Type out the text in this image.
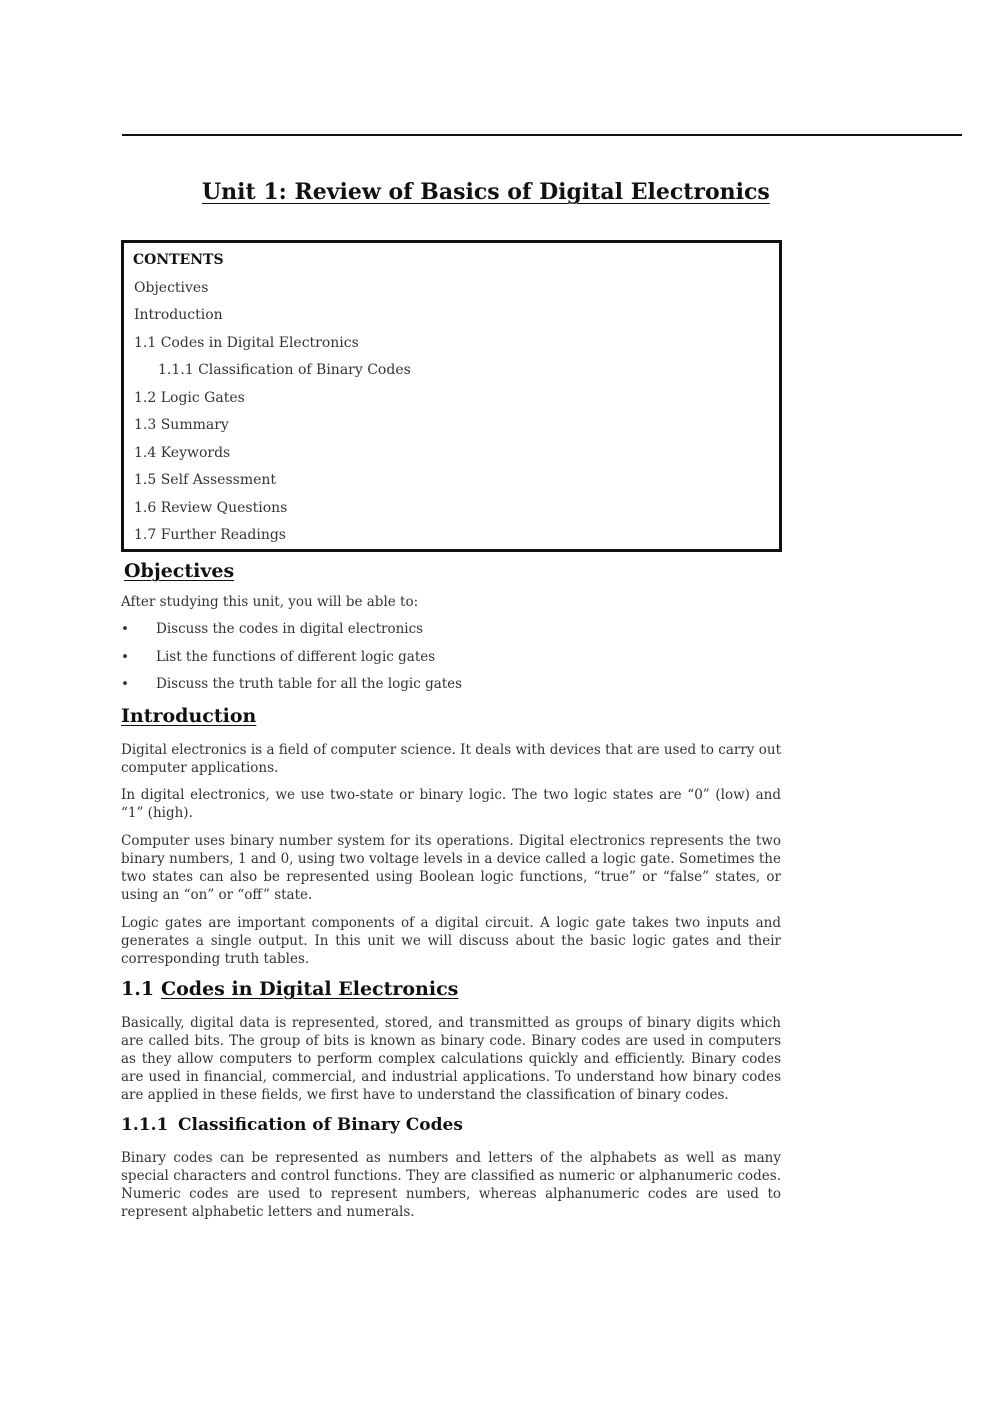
Unit 1: Review of Basics of Digital Electronics
CONTENTS
Objectives
Introduction
1.1 Codes in Digital Electronics
1.1.1 Classification of Binary Codes
1.2 Logic Gates
1.3 Summary
1.4 Keywords
1.5 Self Assessment
1.6 Review Questions
1.7 Further Readings
Objectives

After studying this unit, you will be able to:

• Discuss the codes in digital electronics
• List the functions of different logic gates
• Discuss the truth table for all the logic gates
Introduction

Digital electronics is a field of computer science. It deals with devices that are used to carry out computer applications.

In digital electronics, we use two-state or binary logic. The two logic states are “0” (low) and “1” (high).

Computer uses binary number system for its operations. Digital electronics represents the two binary numbers, 1 and 0, using two voltage levels in a device called a logic gate. Sometimes the two states can also be represented using Boolean logic functions, “true” or “false” states, or using an “on” or “off” state.

Logic gates are important components of a digital circuit. A logic gate takes two inputs and generates a single output. In this unit we will discuss about the basic logic gates and their corresponding truth tables.

1.1 Codes in Digital Electronics

Basically, digital data is represented, stored, and transmitted as groups of binary digits which are called bits. The group of bits is known as binary code. Binary codes are used in computers as they allow computers to perform complex calculations quickly and efficiently. Binary codes are used in financial, commercial, and industrial applications. To understand how binary codes are applied in these fields, we first have to understand the classification of binary codes.

1.1.1 Classification of Binary Codes

Binary codes can be represented as numbers and letters of the alphabets as well as many special characters and control functions. They are classified as numeric or alphanumeric codes. Numeric codes are used to represent numbers, whereas alphanumeric codes are used to represent alphabetic letters and numerals.
